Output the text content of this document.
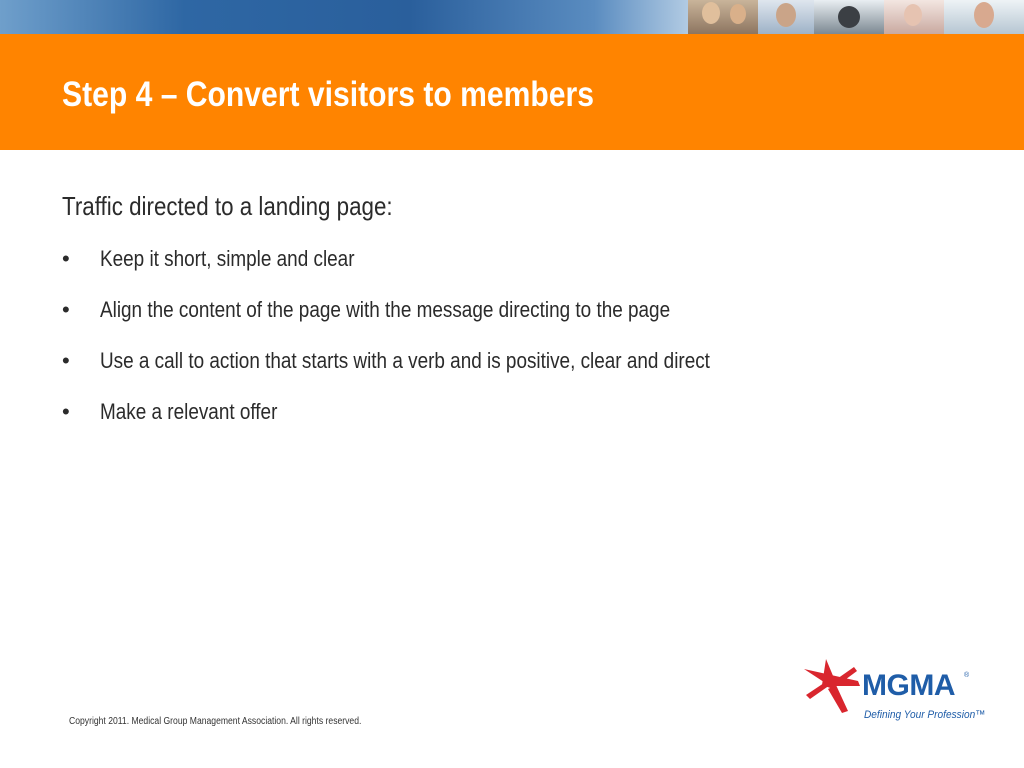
Step 4 – Convert visitors to members

Traffic directed to a landing page:

• Keep it short, simple and clear
• Align the content of the page with the message directing to the page
• Use a call to action that starts with a verb and is positive, clear and direct
• Make a relevant offer
Copyright 2011. Medical Group Management Association. All rights reserved.
MGMA ®
Defining Your Profession™
